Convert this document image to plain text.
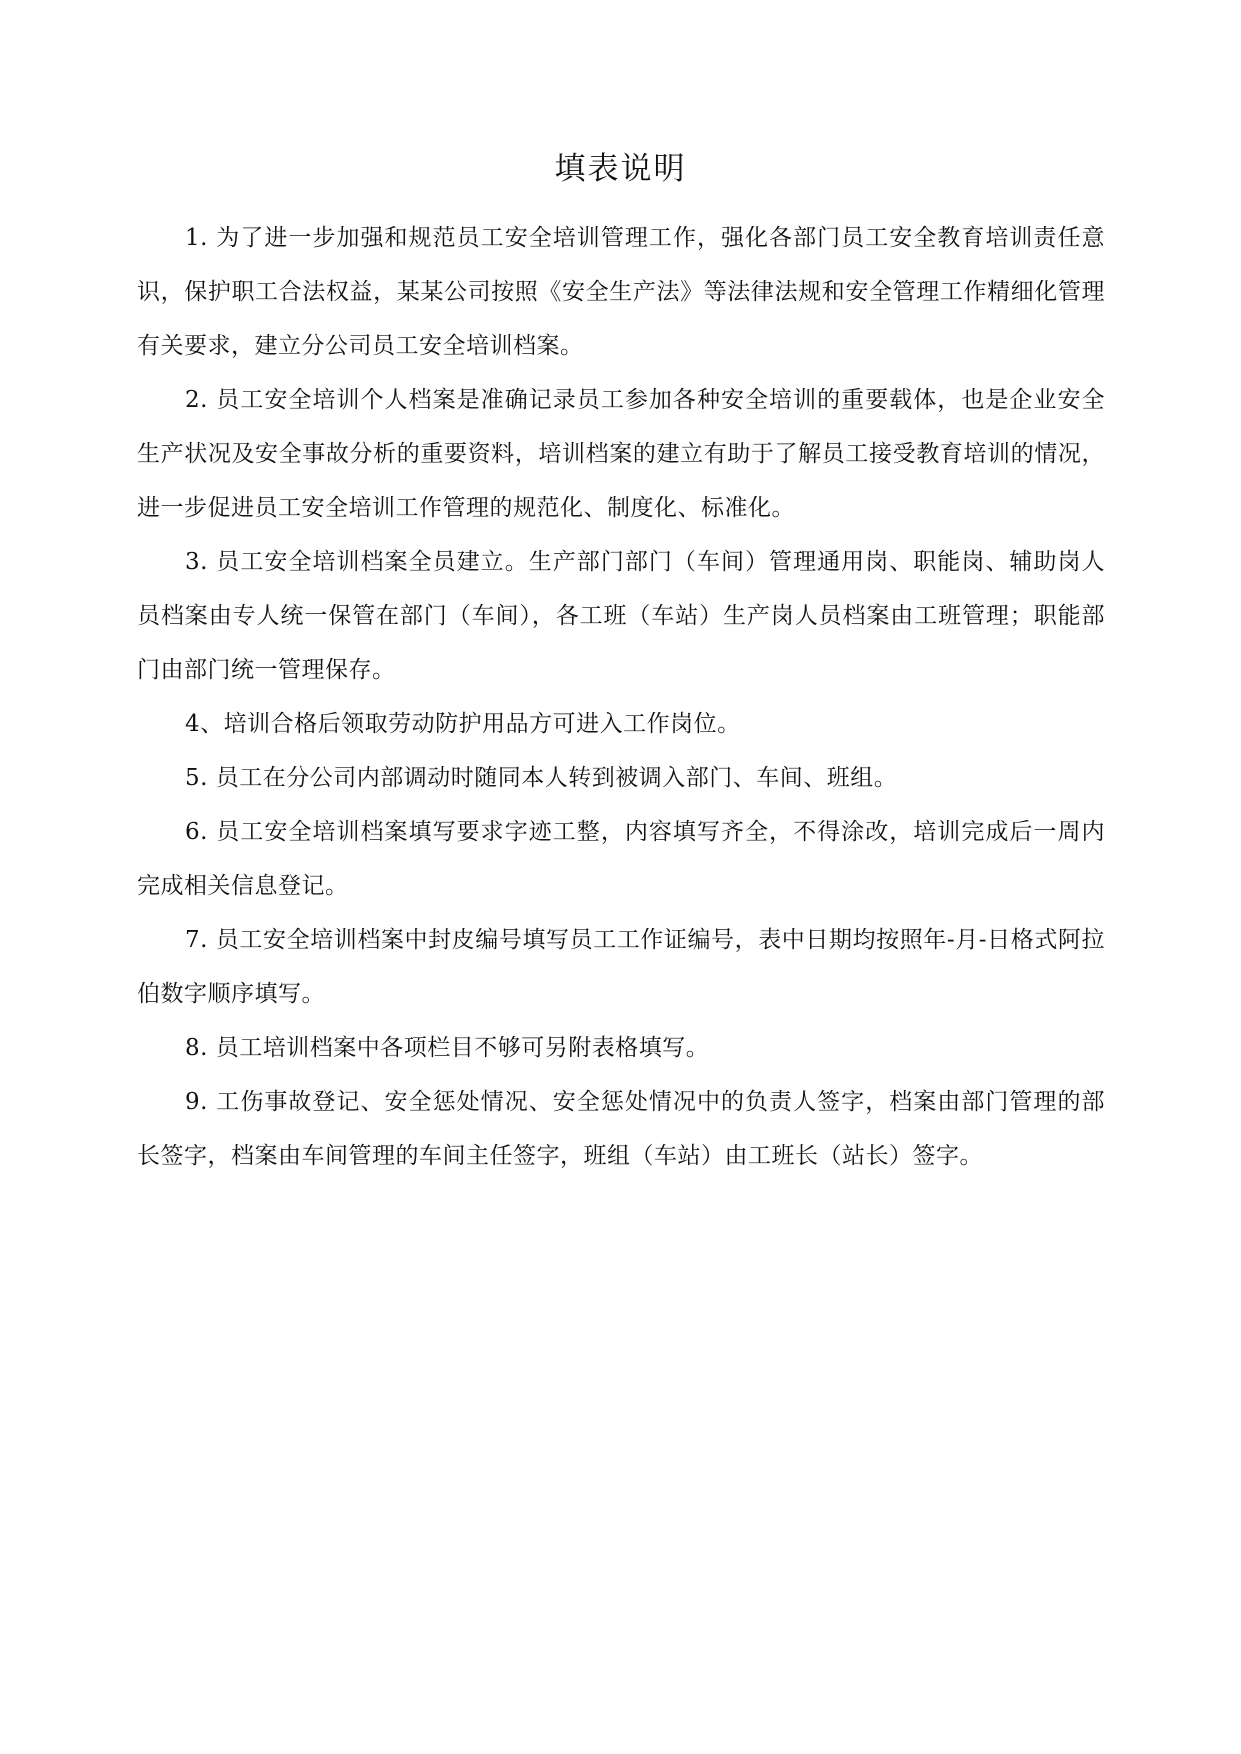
填表说明

1. 为了进一步加强和规范员工安全培训管理工作，强化各部门员工安全教育培训责任意识，保护职工合法权益，某某公司按照《安全生产法》等法律法规和安全管理工作精细化管理有关要求，建立分公司员工安全培训档案。

2. 员工安全培训个人档案是准确记录员工参加各种安全培训的重要载体，也是企业安全生产状况及安全事故分析的重要资料，培训档案的建立有助于了解员工接受教育培训的情况，进一步促进员工安全培训工作管理的规范化、制度化、标准化。

3. 员工安全培训档案全员建立。生产部门部门（车间）管理通用岗、职能岗、辅助岗人员档案由专人统一保管在部门（车间），各工班（车站）生产岗人员档案由工班管理；职能部门由部门统一管理保存。

4、培训合格后领取劳动防护用品方可进入工作岗位。

5. 员工在分公司内部调动时随同本人转到被调入部门、车间、班组。

6. 员工安全培训档案填写要求字迹工整，内容填写齐全，不得涂改，培训完成后一周内完成相关信息登记。

7. 员工安全培训档案中封皮编号填写员工工作证编号，表中日期均按照年-月-日格式阿拉伯数字顺序填写。

8. 员工培训档案中各项栏目不够可另附表格填写。

9. 工伤事故登记、安全惩处情况、安全惩处情况中的负责人签字，档案由部门管理的部长签字，档案由车间管理的车间主任签字，班组（车站）由工班长（站长）签字。
